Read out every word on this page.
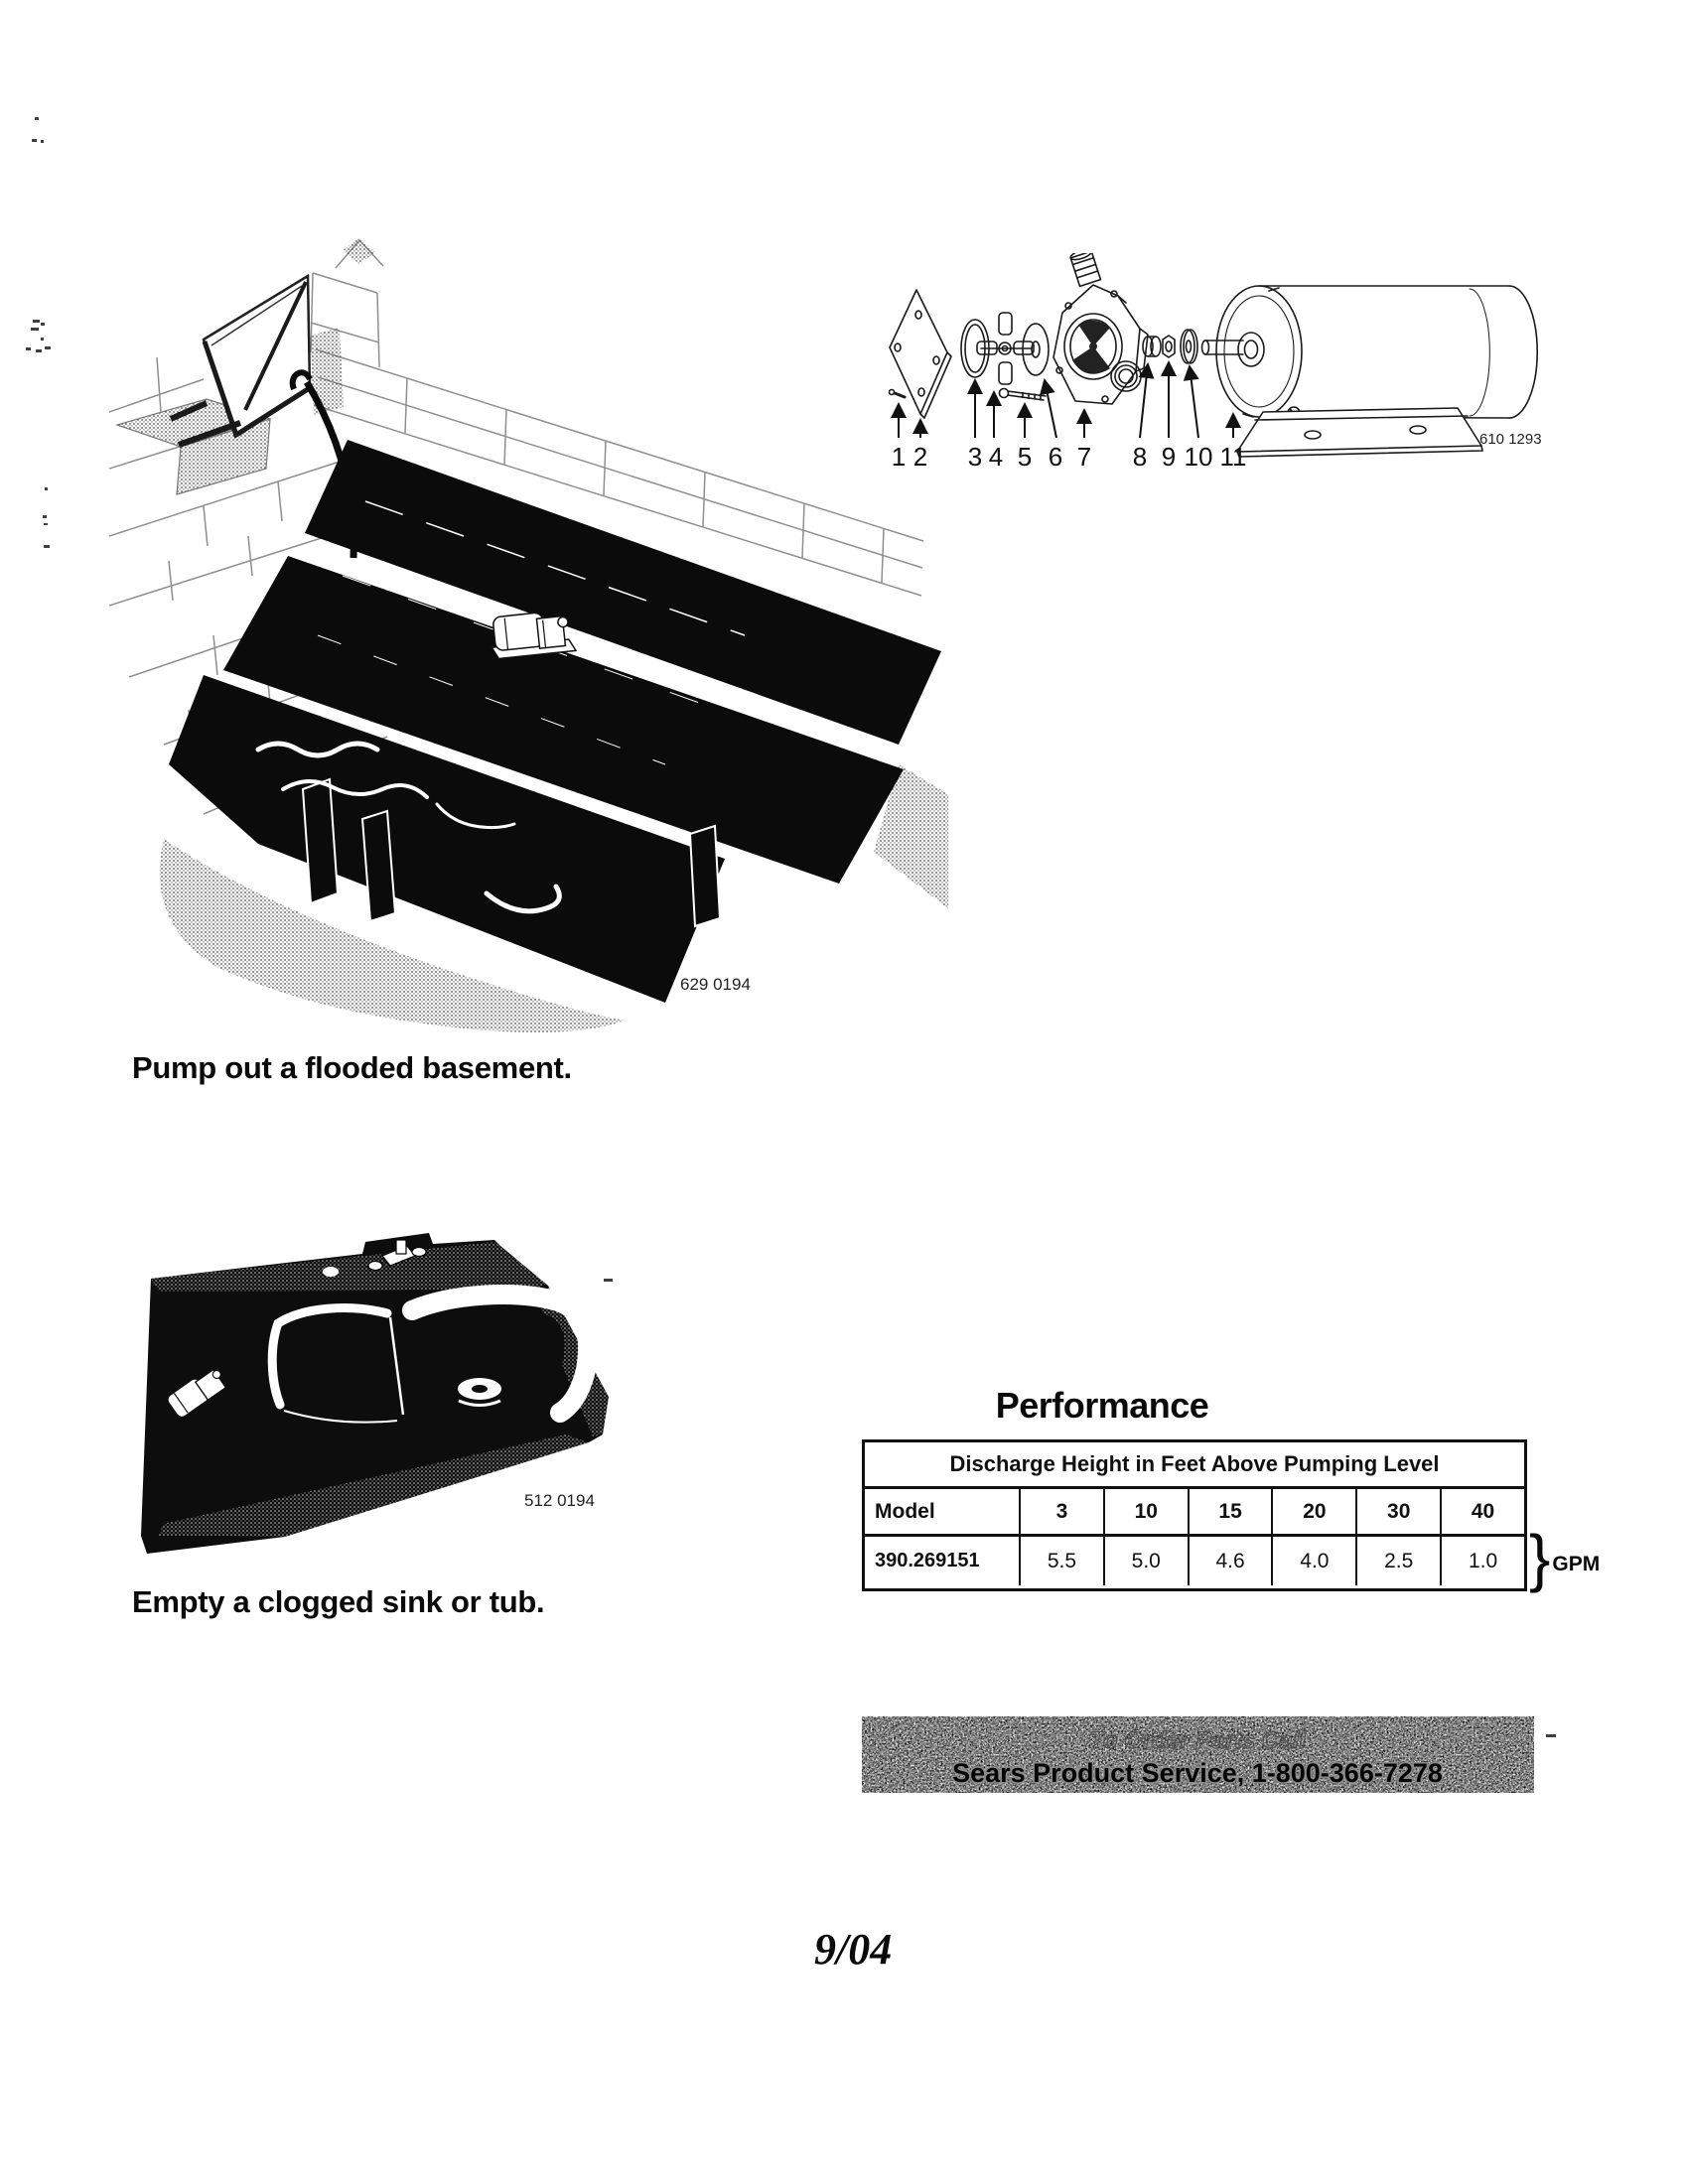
629 0194
Pump out a flooded basement.
1 2 3 4 5 6 7 8 9 10 11
610 1293
512 0194
Empty a clogged sink or tub.
Performance
Discharge Height in Feet Above Pumping Level
Model	3	10	15	20	30	40
390.269151	5.5	5.0	4.6	4.0	2.5	1.0 } GPM
To Order Parts Call
Sears Product Service, 1-800-366-7278
9/04
